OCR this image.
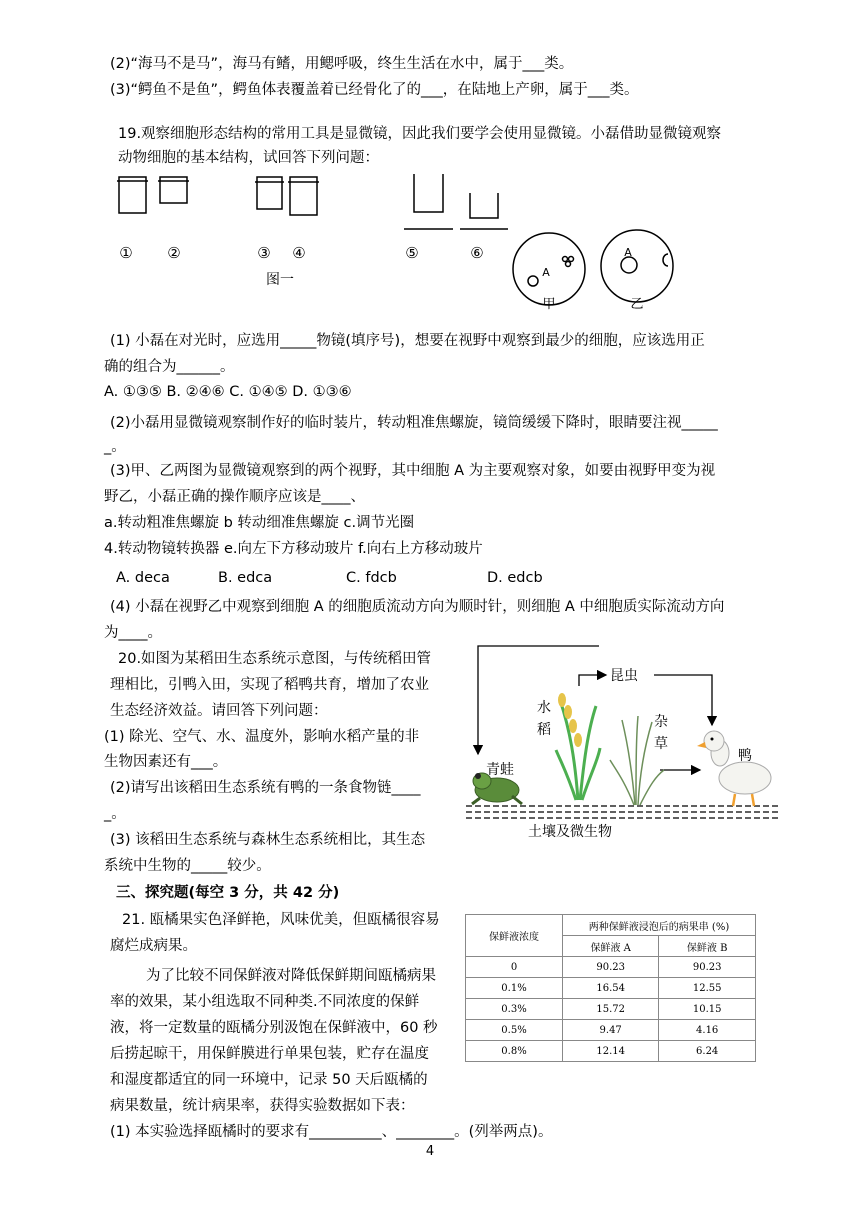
(2)“海马不是马”，海马有鳍，用鳃呼吸，终生生活在水中，属于___类。
(3)“鳄鱼不是鱼”，鳄鱼体表覆盖着已经骨化了的___，在陆地上产卵，属于___类。
19.观察细胞形态结构的常用工具是显微镜，因此我们要学会使用显微镜。小磊借助显微镜观察
动物细胞的基本结构，试回答下列问题：
① ②	③ ④	⑤	⑥
图一	A
A
甲	乙
(1) 小磊在对光时，应选用_____物镜(填序号)，想要在视野中观察到最少的细胞，应该选用正
确的组合为______。
A. ①③⑤ B. ②④⑥ C. ①④⑤ D. ①③⑥
(2)小磊用显微镜观察制作好的临时装片，转动粗准焦螺旋，镜筒缓缓下降时，眼睛要注视_____
_。
(3)甲、乙两图为显微镜观察到的两个视野，其中细胞 A 为主要观察对象，如要由视野甲变为视
野乙，小磊正确的操作顺序应该是____、
a.转动粗准焦螺旋 b 转动细准焦螺旋 c.调节光圈
4.转动物镜转换器 e.向左下方移动玻片 f.向右上方移动玻片
A. deca	B. edca	C. fdcb	D. edcb
(4) 小磊在视野乙中观察到细胞 A 的细胞质流动方向为顺时针，则细胞 A 中细胞质实际流动方向
为____。
20.如图为某稻田生态系统示意图，与传统稻田管
理相比，引鸭入田，实现了稻鸭共育，增加了农业
生态经济效益。请回答下列问题：
(1) 除光、空气、水、温度外，影响水稻产量的非
生物因素还有___。
(2)请写出该稻田生态系统有鸭的一条食物链____
_。
(3) 该稻田生态系统与森林生态系统相比，其生态
系统中生物的_____较少。
昆虫
水
稻	杂
草
鸭
青蛙
土壤及微生物
三、探究题(每空 3 分，共 42 分)
21. 瓯橘果实色泽鲜艳，风味优美，但瓯橘很容易
腐烂成病果。
为了比较不同保鲜液对降低保鲜期间瓯橘病果
率的效果，某小组选取不同种类.不同浓度的保鲜
液，将一定数量的瓯橘分别汲饱在保鲜液中，60 秒
后捞起晾干，用保鲜膜进行单果包装，贮存在温度
和湿度都适宜的同一环境中，记录 50 天后瓯橘的
病果数量，统计病果率，获得实验数据如下表：
(1) 本实验选择瓯橘时的要求有__________、________。(列举两点)。
保鲜液浓度	两种保鲜液浸泡后的病果串 (%)	
	保鲜液 A	保鲜液 B
0	90.23	90.23
0.1%	16.54	12.55
0.3%	15.72	10.15
0.5%	9.47	4.16
0.8%	12.14	6.24
4
